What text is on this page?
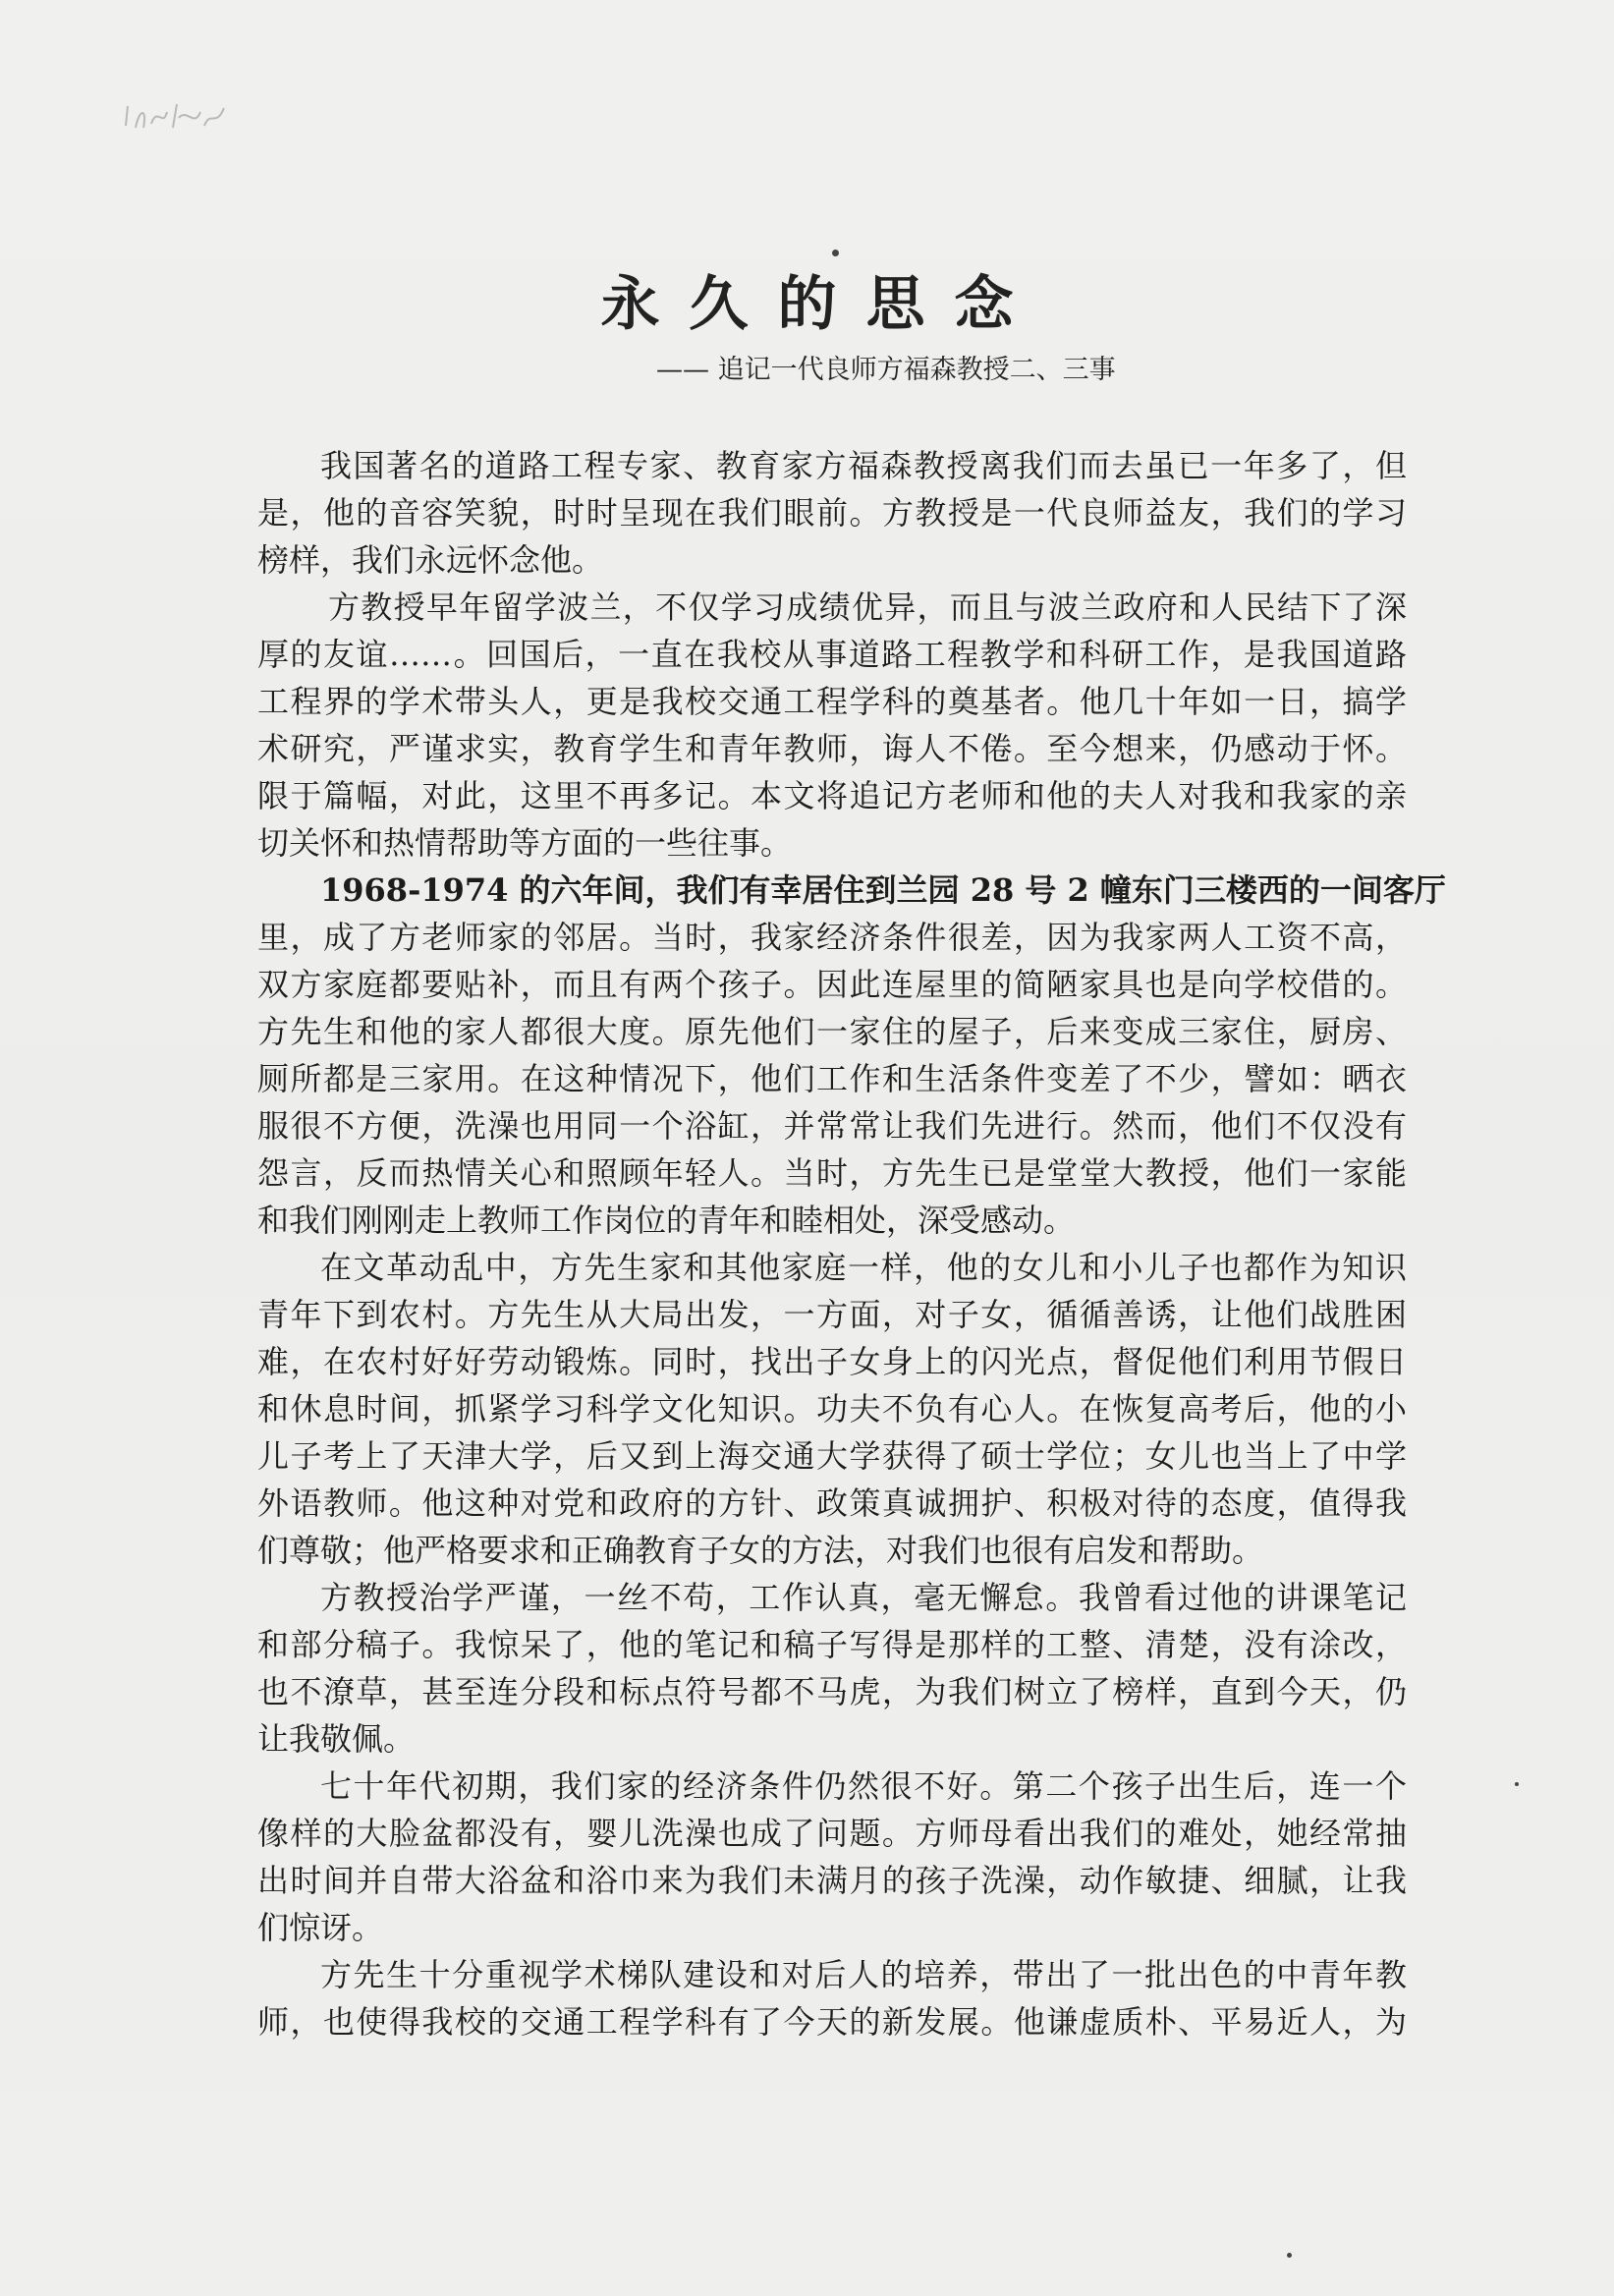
永久的思念
—— 追记一代良师方福森教授二、三事
我国著名的道路工程专家、教育家方福森教授离我们而去虽已一年多了，但
是，他的音容笑貌，时时呈现在我们眼前。方教授是一代良师益友，我们的学习
榜样，我们永远怀念他。
方教授早年留学波兰，不仅学习成绩优异，而且与波兰政府和人民结下了深
厚的友谊……。回国后，一直在我校从事道路工程教学和科研工作，是我国道路
工程界的学术带头人，更是我校交通工程学科的奠基者。他几十年如一日，搞学
术研究，严谨求实，教育学生和青年教师，诲人不倦。至今想来，仍感动于怀。
限于篇幅，对此，这里不再多记。本文将追记方老师和他的夫人对我和我家的亲
切关怀和热情帮助等方面的一些往事。
1968-1974 的六年间，我们有幸居住到兰园 28 号 2 幢东门三楼西的一间客厅
里，成了方老师家的邻居。当时，我家经济条件很差，因为我家两人工资不高，
双方家庭都要贴补，而且有两个孩子。因此连屋里的简陋家具也是向学校借的。
方先生和他的家人都很大度。原先他们一家住的屋子，后来变成三家住，厨房、
厕所都是三家用。在这种情况下，他们工作和生活条件变差了不少，譬如：晒衣
服很不方便，洗澡也用同一个浴缸，并常常让我们先进行。然而，他们不仅没有
怨言，反而热情关心和照顾年轻人。当时，方先生已是堂堂大教授，他们一家能
和我们刚刚走上教师工作岗位的青年和睦相处，深受感动。
在文革动乱中，方先生家和其他家庭一样，他的女儿和小儿子也都作为知识
青年下到农村。方先生从大局出发，一方面，对子女，循循善诱，让他们战胜困
难，在农村好好劳动锻炼。同时，找出子女身上的闪光点，督促他们利用节假日
和休息时间，抓紧学习科学文化知识。功夫不负有心人。在恢复高考后，他的小
儿子考上了天津大学，后又到上海交通大学获得了硕士学位；女儿也当上了中学
外语教师。他这种对党和政府的方针、政策真诚拥护、积极对待的态度，值得我
们尊敬；他严格要求和正确教育子女的方法，对我们也很有启发和帮助。
方教授治学严谨，一丝不苟，工作认真，毫无懈怠。我曾看过他的讲课笔记
和部分稿子。我惊呆了，他的笔记和稿子写得是那样的工整、清楚，没有涂改，
也不潦草，甚至连分段和标点符号都不马虎，为我们树立了榜样，直到今天，仍
让我敬佩。
七十年代初期，我们家的经济条件仍然很不好。第二个孩子出生后，连一个
像样的大脸盆都没有，婴儿洗澡也成了问题。方师母看出我们的难处，她经常抽
出时间并自带大浴盆和浴巾来为我们未满月的孩子洗澡，动作敏捷、细腻，让我
们惊讶。
方先生十分重视学术梯队建设和对后人的培养，带出了一批出色的中青年教
师，也使得我校的交通工程学科有了今天的新发展。他谦虚质朴、平易近人，为
